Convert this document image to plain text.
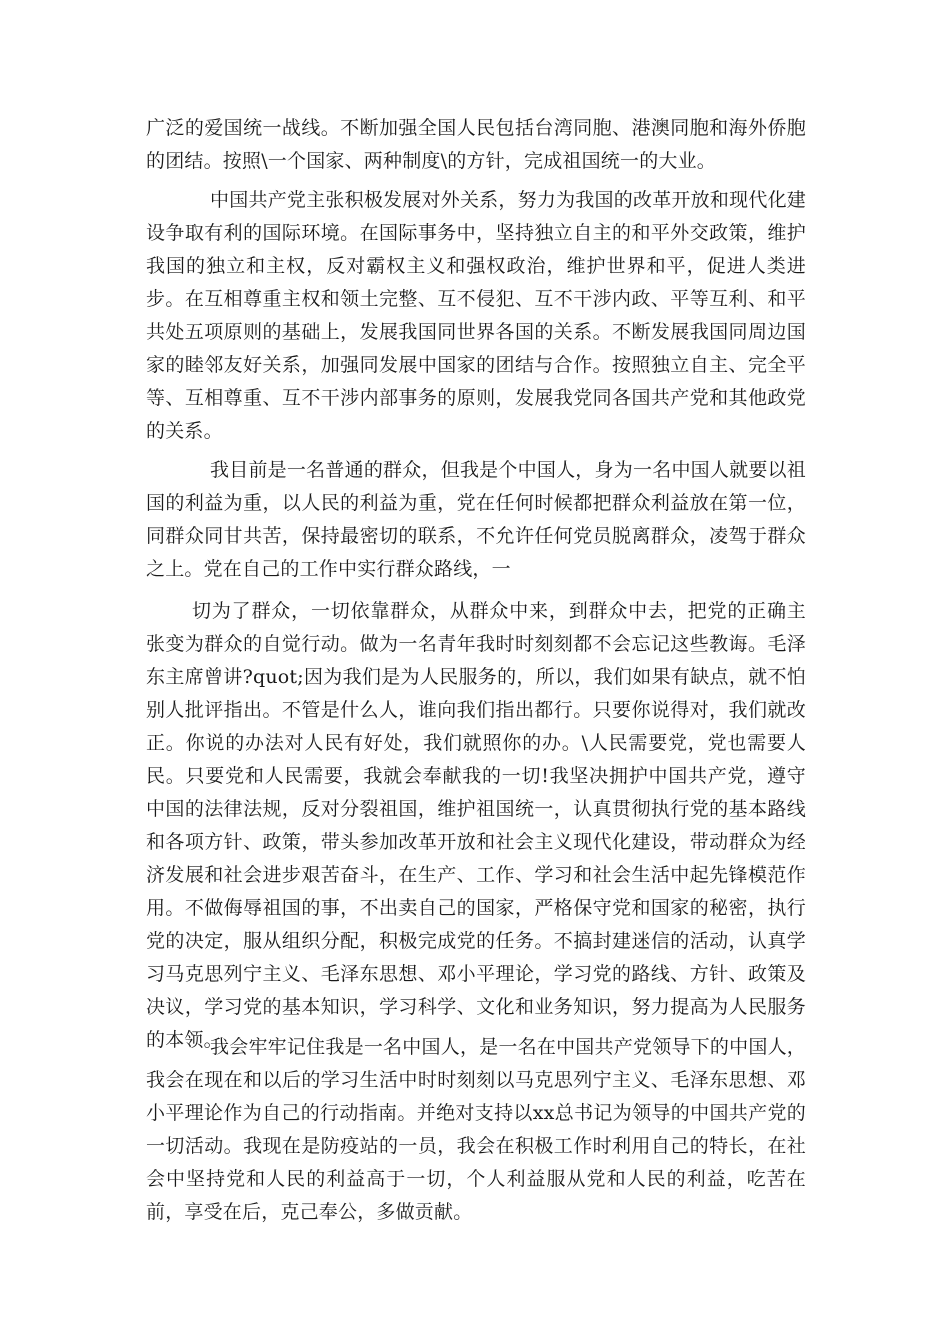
广泛的爱国统一战线。不断加强全国人民包括台湾同胞、港澳同胞和海外侨胞的团结。按照\一个国家、两种制度\的方针，完成祖国统一的大业。

中国共产党主张积极发展对外关系，努力为我国的改革开放和现代化建设争取有利的国际环境。在国际事务中，坚持独立自主的和平外交政策，维护我国的独立和主权，反对霸权主义和强权政治，维护世界和平，促进人类进步。在互相尊重主权和领土完整、互不侵犯、互不干涉内政、平等互利、和平共处五项原则的基础上，发展我国同世界各国的关系。不断发展我国同周边国家的睦邻友好关系，加强同发展中国家的团结与合作。按照独立自主、完全平等、互相尊重、互不干涉内部事务的原则，发展我党同各国共产党和其他政党的关系。

我目前是一名普通的群众，但我是个中国人，身为一名中国人就要以祖国的利益为重，以人民的利益为重，党在任何时候都把群众利益放在第一位，同群众同甘共苦，保持最密切的联系，不允许任何党员脱离群众，凌驾于群众之上。党在自己的工作中实行群众路线，一

切为了群众，一切依靠群众，从群众中来，到群众中去，把党的正确主张变为群众的自觉行动。做为一名青年我时时刻刻都不会忘记这些教诲。毛泽东主席曾讲?quot;因为我们是为人民服务的，所以，我们如果有缺点，就不怕别人批评指出。不管是什么人，谁向我们指出都行。只要你说得对，我们就改正。你说的办法对人民有好处，我们就照你的办。\人民需要党，党也需要人民。只要党和人民需要，我就会奉献我的一切!我坚决拥护中国共产党，遵守中国的法律法规，反对分裂祖国，维护祖国统一，认真贯彻执行党的基本路线和各项方针、政策，带头参加改革开放和社会主义现代化建设，带动群众为经济发展和社会进步艰苦奋斗，在生产、工作、学习和社会生活中起先锋模范作用。不做侮辱祖国的事，不出卖自己的国家，严格保守党和国家的秘密，执行党的决定，服从组织分配，积极完成党的任务。不搞封建迷信的活动，认真学习马克思列宁主义、毛泽东思想、邓小平理论，学习党的路线、方针、政策及决议，学习党的基本知识，学习科学、文化和业务知识，努力提高为人民服务的本领。

我会牢牢记住我是一名中国人，是一名在中国共产党领导下的中国人，我会在现在和以后的学习生活中时时刻刻以马克思列宁主义、毛泽东思想、邓小平理论作为自己的行动指南。并绝对支持以xx总书记为领导的中国共产党的一切活动。我现在是防疫站的一员，我会在积极工作时利用自己的特长，在社会中坚持党和人民的利益高于一切，个人利益服从党和人民的利益，吃苦在前，享受在后，克己奉公，多做贡献。
